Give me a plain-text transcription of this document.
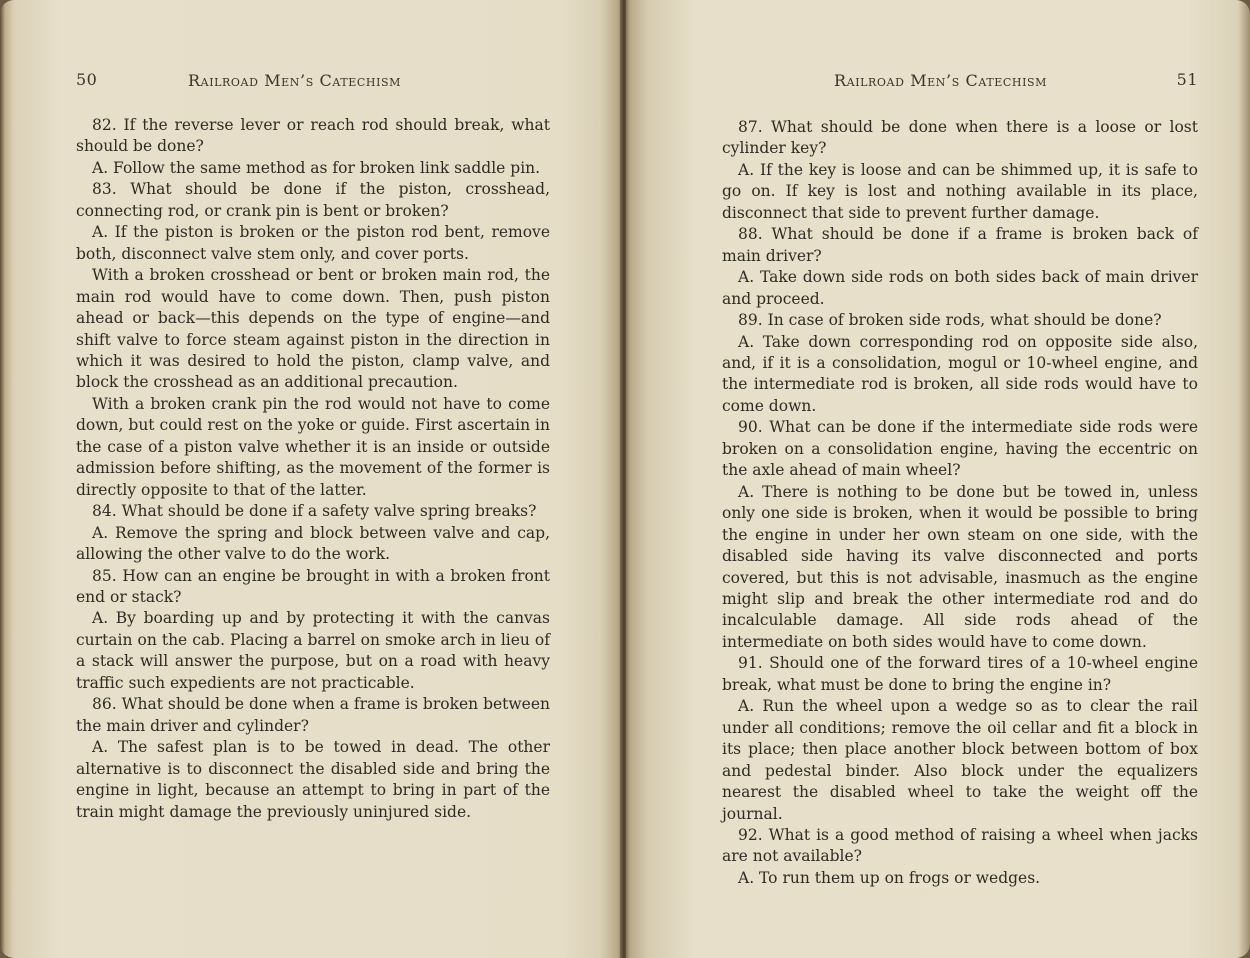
50	Railroad Men’s Catechism

82. If the reverse lever or reach rod should break, what should be done?

A. Follow the same method as for broken link saddle pin.

83. What should be done if the piston, crosshead, connecting rod, or crank pin is bent or broken?

A. If the piston is broken or the piston rod bent, remove both, disconnect valve stem only, and cover ports.

With a broken crosshead or bent or broken main rod, the main rod would have to come down. Then, push piston ahead or back—this depends on the type of engine—and shift valve to force steam against piston in the direction in which it was desired to hold the piston, clamp valve, and block the crosshead as an additional precaution.

With a broken crank pin the rod would not have to come down, but could rest on the yoke or guide. First ascertain in the case of a piston valve whether it is an inside or outside admission before shifting, as the movement of the former is directly opposite to that of the latter.

84. What should be done if a safety valve spring breaks?

A. Remove the spring and block between valve and cap, allowing the other valve to do the work.

85. How can an engine be brought in with a broken front end or stack?

A. By boarding up and by protecting it with the canvas curtain on the cab. Placing a barrel on smoke arch in lieu of a stack will answer the purpose, but on a road with heavy traffic such expedients are not practicable.

86. What should be done when a frame is broken between the main driver and cylinder?

A. The safest plan is to be towed in dead. The other alternative is to disconnect the disabled side and bring the engine in light, because an attempt to bring in part of the train might damage the previously uninjured side.

Railroad Men’s Catechism	51

87. What should be done when there is a loose or lost cylinder key?

A. If the key is loose and can be shimmed up, it is safe to go on. If key is lost and nothing available in its place, disconnect that side to prevent further damage.

88. What should be done if a frame is broken back of main driver?

A. Take down side rods on both sides back of main driver and proceed.

89. In case of broken side rods, what should be done?

A. Take down corresponding rod on opposite side also, and, if it is a consolidation, mogul or 10-wheel engine, and the intermediate rod is broken, all side rods would have to come down.

90. What can be done if the intermediate side rods were broken on a consolidation engine, having the eccentric on the axle ahead of main wheel?

A. There is nothing to be done but be towed in, unless only one side is broken, when it would be possible to bring the engine in under her own steam on one side, with the disabled side having its valve disconnected and ports covered, but this is not advisable, inasmuch as the engine might slip and break the other intermediate rod and do incalculable damage. All side rods ahead of the intermediate on both sides would have to come down.

91. Should one of the forward tires of a 10-wheel engine break, what must be done to bring the engine in?

A. Run the wheel upon a wedge so as to clear the rail under all conditions; remove the oil cellar and fit a block in its place; then place another block between bottom of box and pedestal binder. Also block under the equalizers nearest the disabled wheel to take the weight off the journal.

92. What is a good method of raising a wheel when jacks are not available?

A. To run them up on frogs or wedges.
